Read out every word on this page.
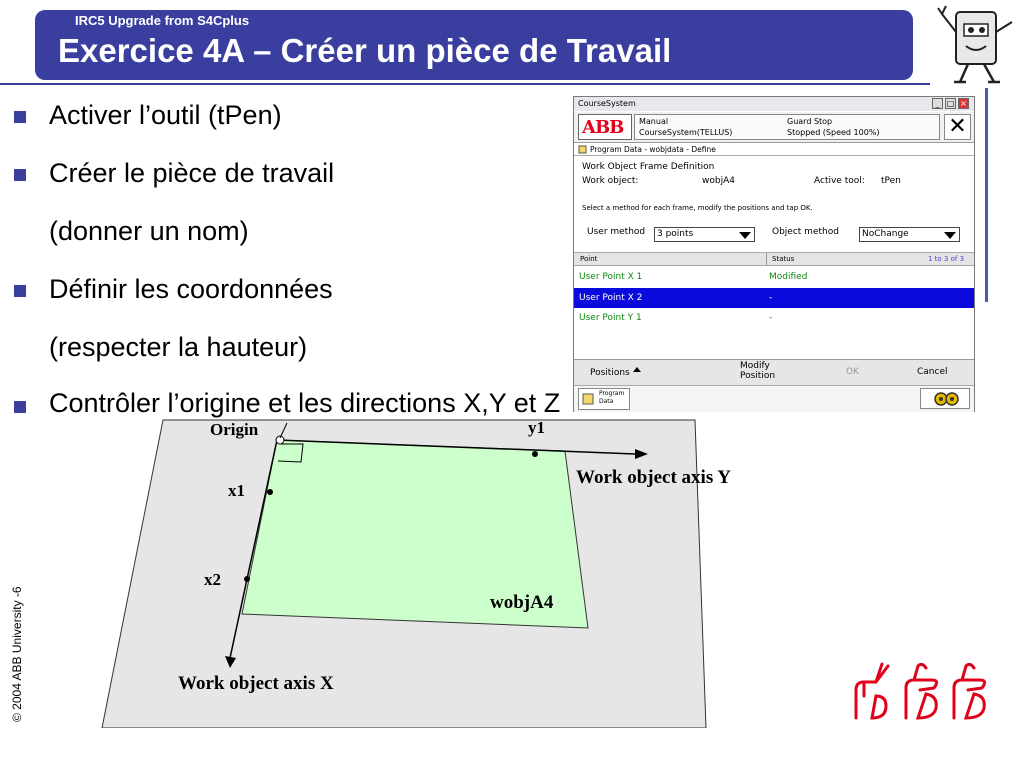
IRC5 Upgrade from S4Cplus
Exercice 4A – Créer un pièce de Travail
© 2004 ABB University -6
Activer l’outil (tPen)
Créer le pièce de travail
(donner un nom)
Définir les coordonnées
(respecter la hauteur)
Contrôler l’origine et les directions X,Y et Z
Origin	y1
x1
x2
Work object axis Y
Work object axis X
wobjA4
CourseSystem	_ □ ×
ABB Manual
CourseSystem(TELLUS)
Guard Stop
Stopped (Speed 100%)	✕
Program Data - wobjdata - Define
Work Object Frame Definition
Work object:	wobjA4	Active tool: tPen
Select a method for each frame, modify the positions and tap OK.
User method	3 points	Object method	NoChange
Point	Status	1 to 3 of 3
User Point X 1	Modified
User Point X 2	-
User Point Y 1	-
Positions
Modify
Position	OK	Cancel
Program
Data
